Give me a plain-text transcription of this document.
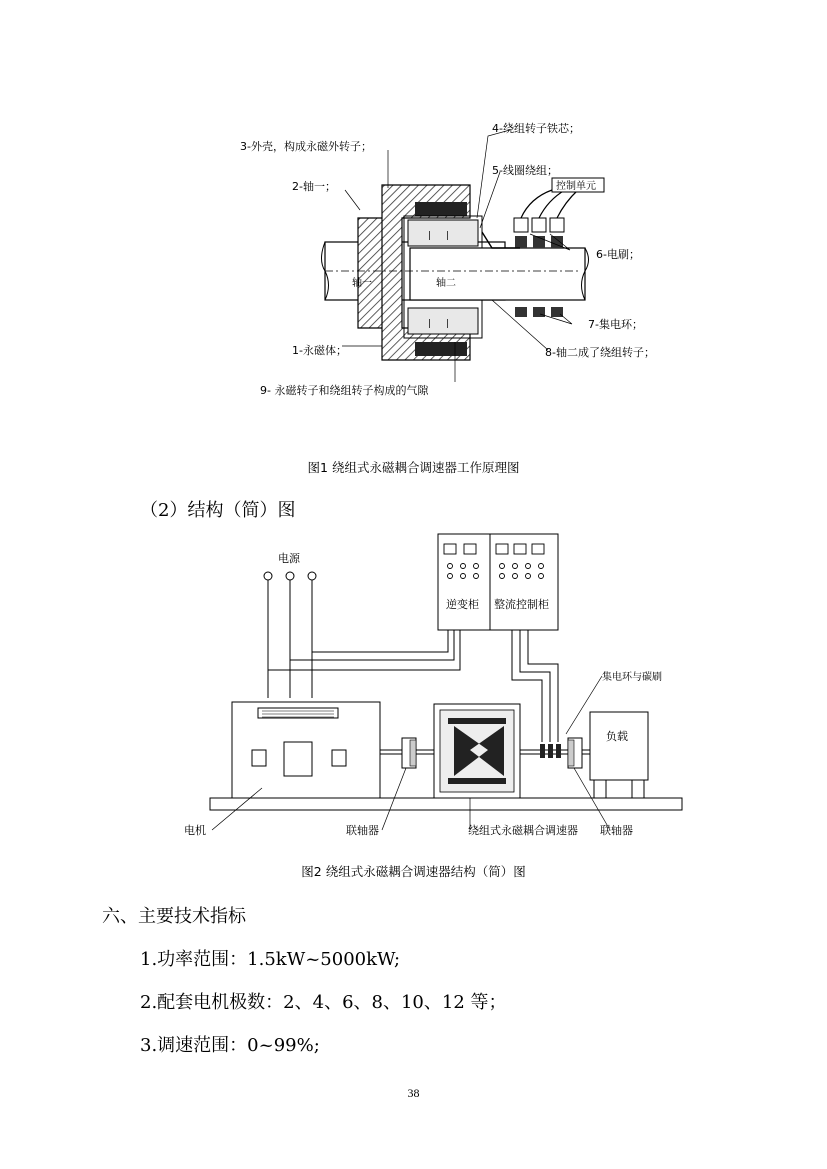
| |
| |
3-外壳，构成永磁外转子；
2-轴一；
4-绕组转子铁芯；
5-线圈绕组；
控制单元
6-电刷；
轴一	轴二
7-集电环；
1-永磁体；	8-轴二成了绕组转子；
9- 永磁转子和绕组转子构成的气隙
图1 绕组式永磁耦合调速器工作原理图
（2）结构（简）图
电源
逆变柜 整流控制柜
集电环与碳刷
负载
电机	联轴器	绕组式永磁耦合调速器 联轴器
图2 绕组式永磁耦合调速器结构（简）图
六、主要技术指标
1.功率范围：1.5kW~5000kW;
2.配套电机极数：2、4、6、8、10、12 等；
3.调速范围：0~99%;
38
